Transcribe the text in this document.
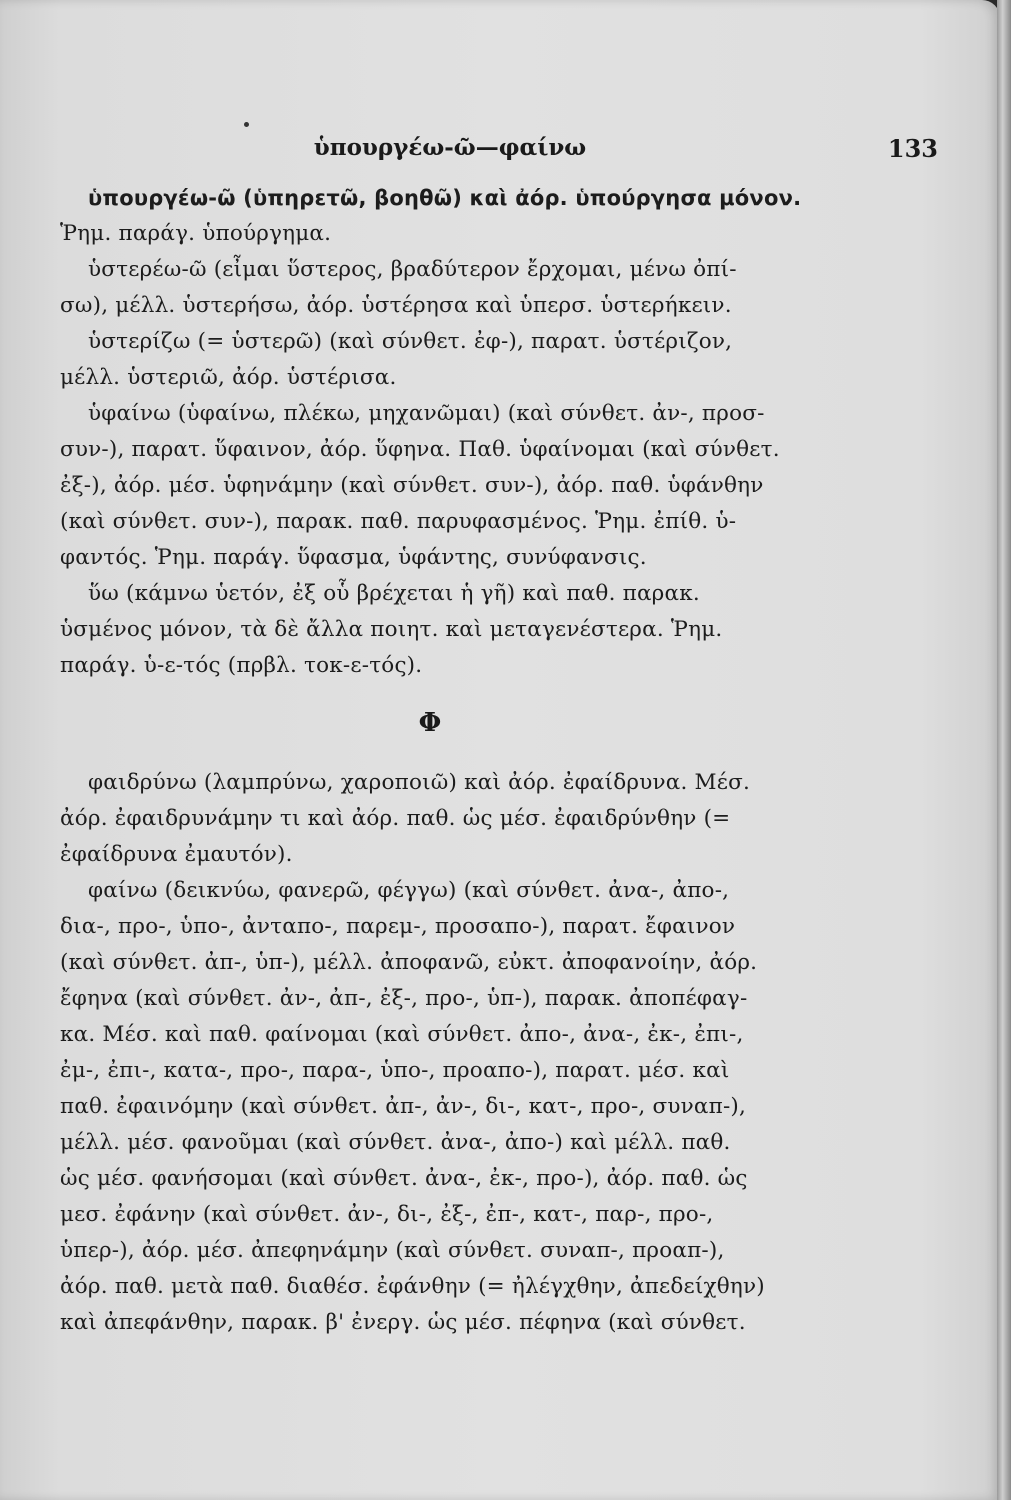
ὑπουργέω-ῶ—φαίνω	133
ὑπουργέω-ῶ (ὑπηρετῶ, βοηθῶ) καὶ ἀόρ. ὑπούργησα μόνον.
Ῥημ. παράγ. ὑπούργημα.
ὑστερέω-ῶ (εἶμαι ὕστερος, βραδύτερον ἔρχομαι, μένω ὀπί-
σω), μέλλ. ὑστερήσω, ἀόρ. ὑστέρησα καὶ ὑπερσ. ὑστερήκειν.
ὑστερίζω (= ὑστερῶ) (καὶ σύνθετ. ἐφ-), παρατ. ὑστέριζον,
μέλλ. ὑστεριῶ, ἀόρ. ὑστέρισα.
ὑφαίνω (ὑφαίνω, πλέκω, μηχανῶμαι) (καὶ σύνθετ. ἀν-, προσ-
συν-), παρατ. ὕφαινον, ἀόρ. ὕφηνα. Παθ. ὑφαίνομαι (καὶ σύνθετ.
ἐξ-), ἀόρ. μέσ. ὑφηνάμην (καὶ σύνθετ. συν-), ἀόρ. παθ. ὑφάνθην
(καὶ σύνθετ. συν-), παρακ. παθ. παρυφασμένος. Ῥημ. ἐπίθ. ὑ-
φαντός. Ῥημ. παράγ. ὕφασμα, ὑφάντης, συνύφανσις.
ὕω (κάμνω ὑετόν, ἐξ οὗ βρέχεται ἡ γῆ) καὶ παθ. παρακ.
ὑσμένος μόνον, τὰ δὲ ἄλλα ποιητ. καὶ μεταγενέστερα. Ῥημ.
παράγ. ὑ-ε-τός (πρβλ. τοκ-ε-τός).
Φ
φαιδρύνω (λαμπρύνω, χαροποιῶ) καὶ ἀόρ. ἐφαίδρυνα. Μέσ.
ἀόρ. ἐφαιδρυνάμην τι καὶ ἀόρ. παθ. ὡς μέσ. ἐφαιδρύνθην (=
ἐφαίδρυνα ἐμαυτόν).
φαίνω (δεικνύω, φανερῶ, φέγγω) (καὶ σύνθετ. ἀνα-, ἀπο-,
δια-, προ-, ὑπο-, ἀνταπο-, παρεμ-, προσαπο-), παρατ. ἔφαινον
(καὶ σύνθετ. ἀπ-, ὑπ-), μέλλ. ἀποφανῶ, εὐκτ. ἀποφανοίην, ἀόρ.
ἔφηνα (καὶ σύνθετ. ἀν-, ἀπ-, ἐξ-, προ-, ὑπ-), παρακ. ἀποπέφαγ-
κα. Μέσ. καὶ παθ. φαίνομαι (καὶ σύνθετ. ἀπο-, ἀνα-, ἐκ-, ἐπι-,
ἐμ-, ἐπι-, κατα-, προ-, παρα-, ὑπο-, προαπο-), παρατ. μέσ. καὶ
παθ. ἐφαινόμην (καὶ σύνθετ. ἀπ-, ἀν-, δι-, κατ-, προ-, συναπ-),
μέλλ. μέσ. φανοῦμαι (καὶ σύνθετ. ἀνα-, ἀπο-) καὶ μέλλ. παθ.
ὡς μέσ. φανήσομαι (καὶ σύνθετ. ἀνα-, ἐκ-, προ-), ἀόρ. παθ. ὡς
μεσ. ἐφάνην (καὶ σύνθετ. ἀν-, δι-, ἐξ-, ἐπ-, κατ-, παρ-, προ-,
ὑπερ-), ἀόρ. μέσ. ἀπεφηνάμην (καὶ σύνθετ. συναπ-, προαπ-),
ἀόρ. παθ. μετὰ παθ. διαθέσ. ἐφάνθην (= ἠλέγχθην, ἀπεδείχθην)
καὶ ἀπεφάνθην, παρακ. β' ἐνεργ. ὡς μέσ. πέφηνα (καὶ σύνθετ.
